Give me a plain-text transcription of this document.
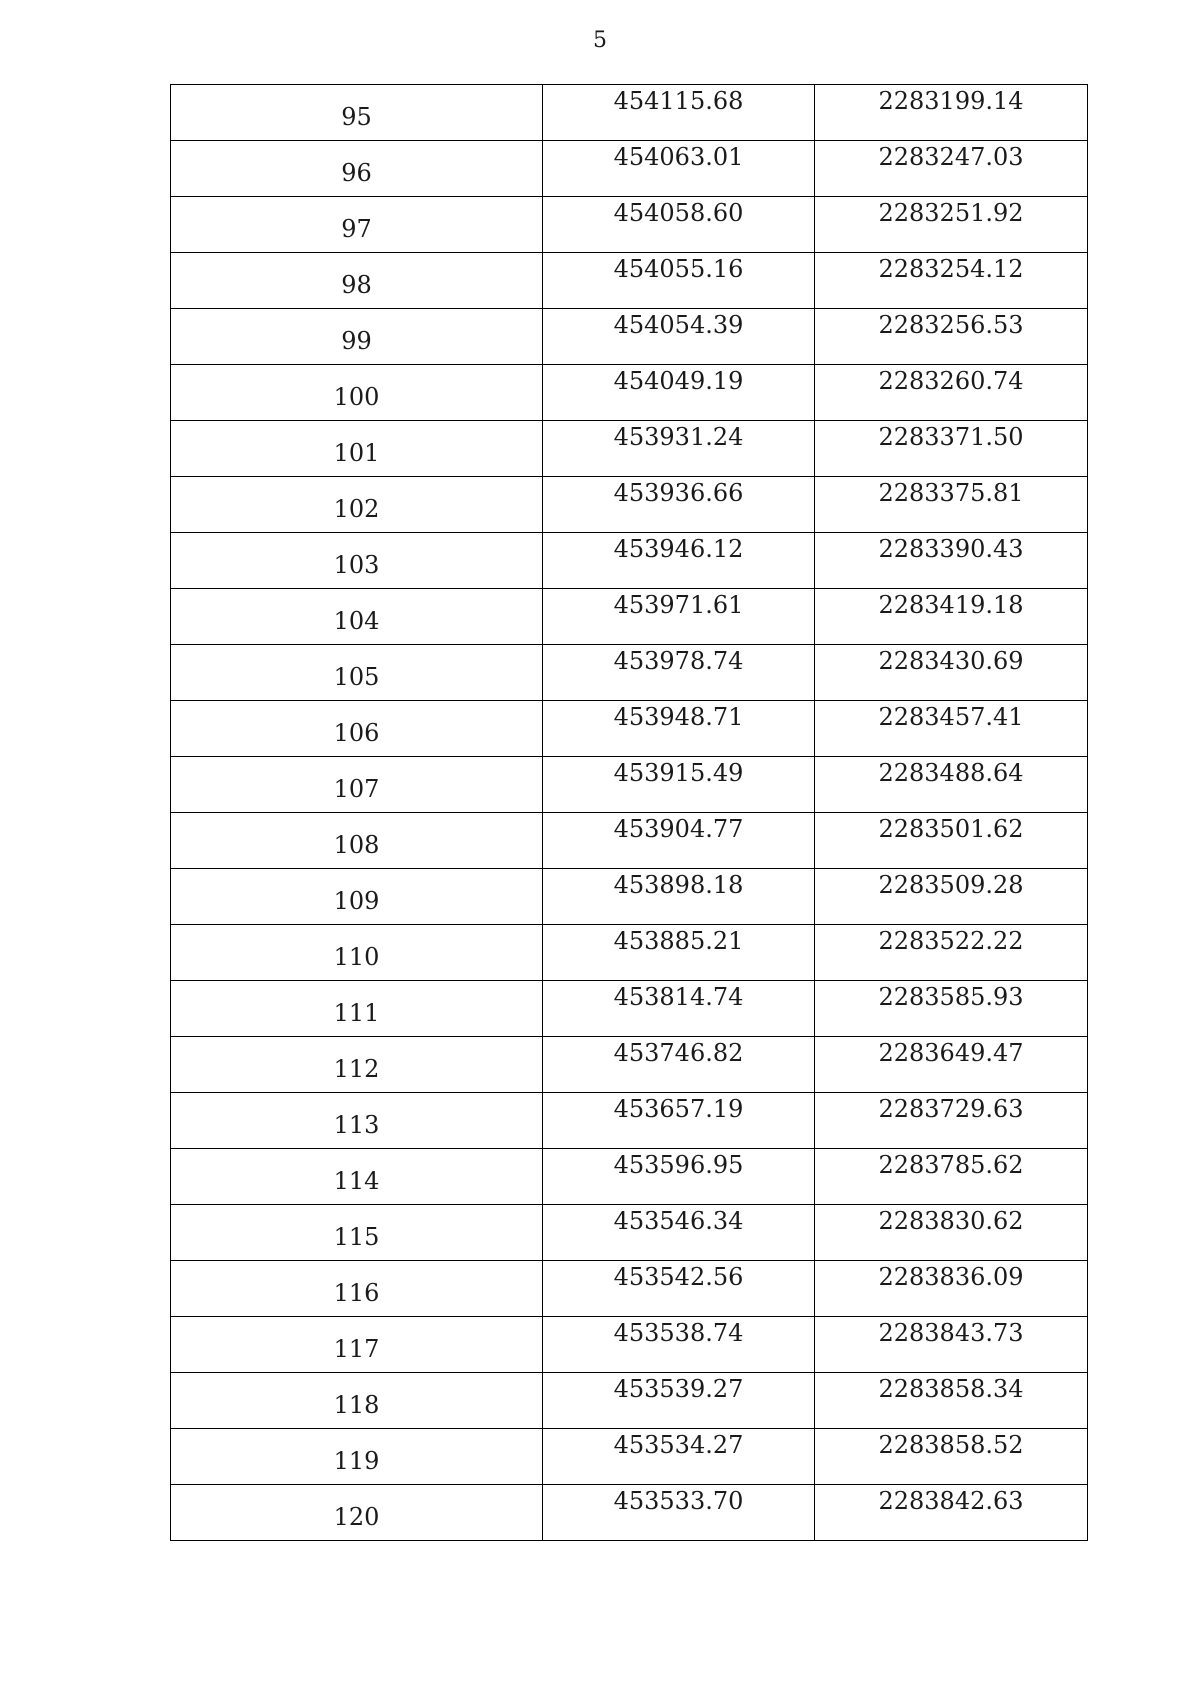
5
95	454115.68	2283199.14
96	454063.01	2283247.03
97	454058.60	2283251.92
98	454055.16	2283254.12
99	454054.39	2283256.53
100	454049.19	2283260.74
101	453931.24	2283371.50
102	453936.66	2283375.81
103	453946.12	2283390.43
104	453971.61	2283419.18
105	453978.74	2283430.69
106	453948.71	2283457.41
107	453915.49	2283488.64
108	453904.77	2283501.62
109	453898.18	2283509.28
110	453885.21	2283522.22
111	453814.74	2283585.93
112	453746.82	2283649.47
113	453657.19	2283729.63
114	453596.95	2283785.62
115	453546.34	2283830.62
116	453542.56	2283836.09
117	453538.74	2283843.73
118	453539.27	2283858.34
119	453534.27	2283858.52
120	453533.70	2283842.63
